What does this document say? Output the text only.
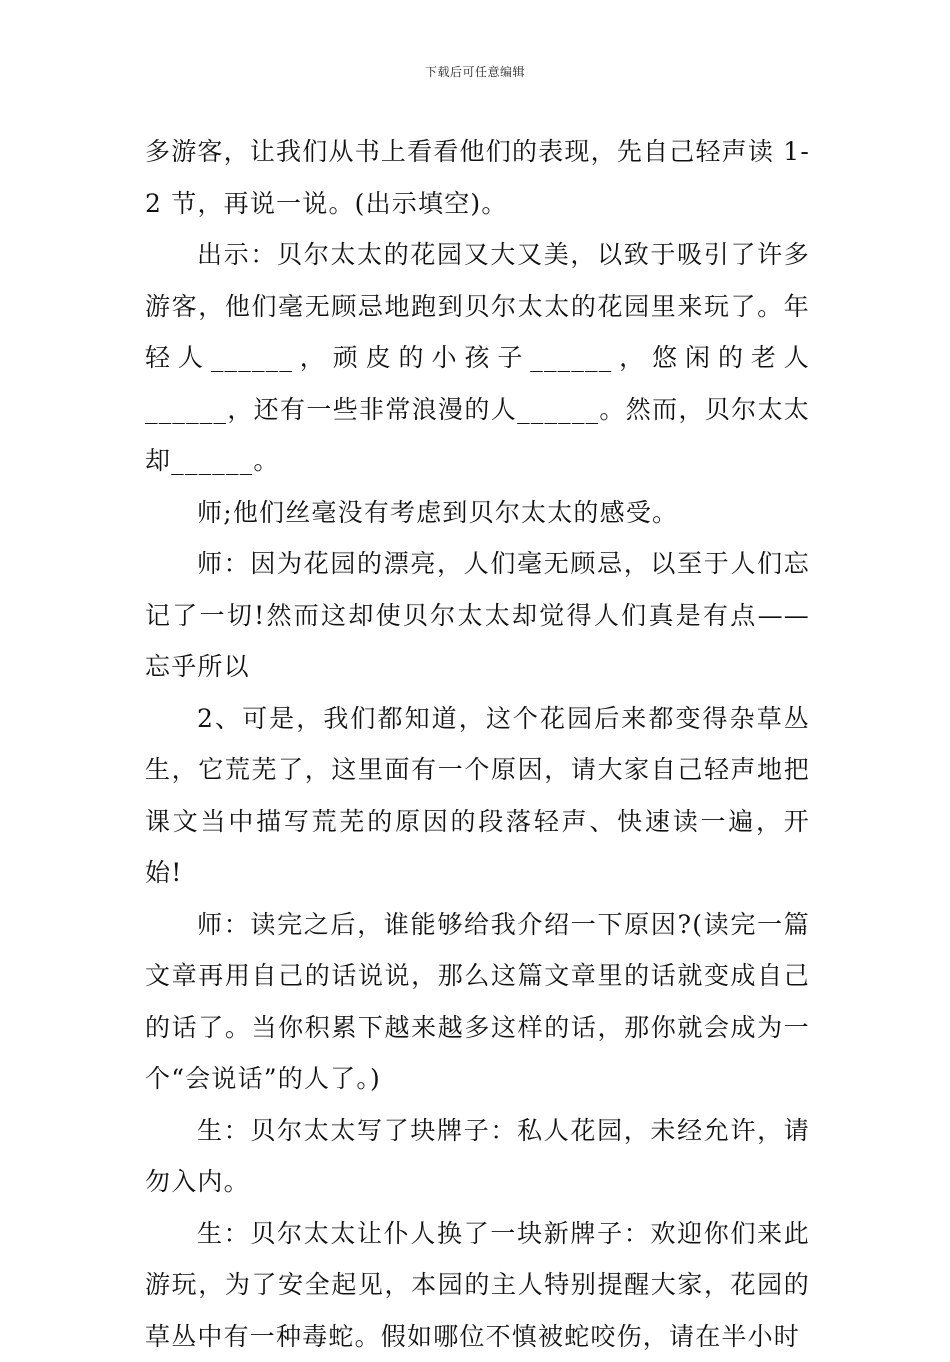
下载后可任意编辑

多游客，让我们从书上看看他们的表现，先自己轻声读 1-2 节，再说一说。(出示填空)。

出示：贝尔太太的花园又大又美，以致于吸引了许多游客，他们毫无顾忌地跑到贝尔太太的花园里来玩了。年轻人______，顽皮的小孩子______，悠闲的老人______，还有一些非常浪漫的人______。然而，贝尔太太却______。

师;他们丝毫没有考虑到贝尔太太的感受。

师：因为花园的漂亮，人们毫无顾忌，以至于人们忘记了一切!然而这却使贝尔太太却觉得人们真是有点——忘乎所以

2、可是，我们都知道，这个花园后来都变得杂草丛生，它荒芜了，这里面有一个原因，请大家自己轻声地把课文当中描写荒芜的原因的段落轻声、快速读一遍，开始!

师：读完之后，谁能够给我介绍一下原因?(读完一篇文章再用自己的话说说，那么这篇文章里的话就变成自己的话了。当你积累下越来越多这样的话，那你就会成为一个“会说话”的人了。)

生：贝尔太太写了块牌子：私人花园，未经允许，请勿入内。

生：贝尔太太让仆人换了一块新牌子：欢迎你们来此游玩，为了安全起见，本园的主人特别提醒大家，花园的草丛中有一种毒蛇。假如哪位不慎被蛇咬伤，请在半小时
